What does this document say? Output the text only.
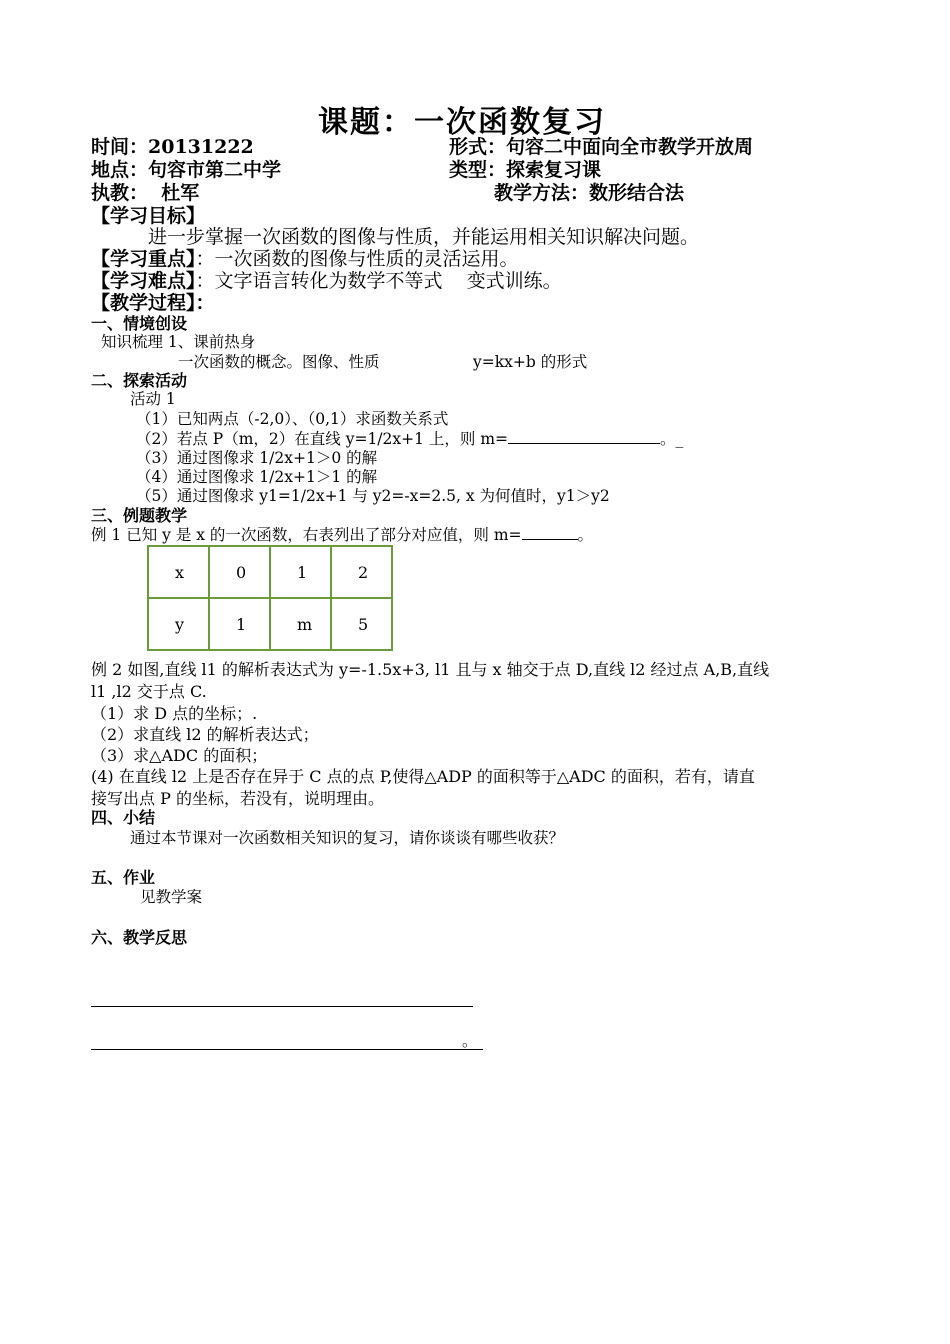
课题：一次函数复习
时间：20131222	形式：句容二中面向全市教学开放周
地点：句容市第二中学	类型：探索复习课
执教：  杜军	教学方法：数形结合法
【学习目标】
进一步掌握一次函数的图像与性质，并能运用相关知识解决问题。
【学习重点】：一次函数的图像与性质的灵活运用。
【学习难点】：文字语言转化为数学不等式    变式训练。
【教学过程】：
一、情境创设
知识梳理 1、课前热身
一次函数的概念。图像、性质	y=kx+b 的形式
二、探索活动
活动 1
（1）已知两点（-2,0）、（0,1）求函数关系式
（2）若点 P（m，2）在直线 y=1/2x+1 上，则 m=	。_
（3）通过图像求 1/2x+1＞0 的解
（4）通过图像求 1/2x+1＞1 的解
（5）通过图像求 y1=1/2x+1 与 y2=-x=2.5, x 为何值时，y1＞y2
三、例题教学
例 1 已知 y 是 x 的一次函数，右表列出了部分对应值，则 m=	。
x	0	1	2
y	1	m	5
例 2 如图,直线 l1 的解析表达式为 y=-1.5x+3, l1 且与 x 轴交于点 D,直线 l2 经过点 A,B,直线
l1 ,l2 交于点 C.
（1）求 D 点的坐标；.
（2）求直线 l2 的解析表达式；
（3）求△ADC 的面积；
(4) 在直线 l2 上是否存在异于 C 点的点 P,使得△ADP 的面积等于△ADC 的面积，若有，请直
接写出点 P 的坐标，若没有，说明理由。
四、小结
通过本节课对一次函数相关知识的复习，请你谈谈有哪些收获？
五、作业
见教学案
六、教学反思
。
